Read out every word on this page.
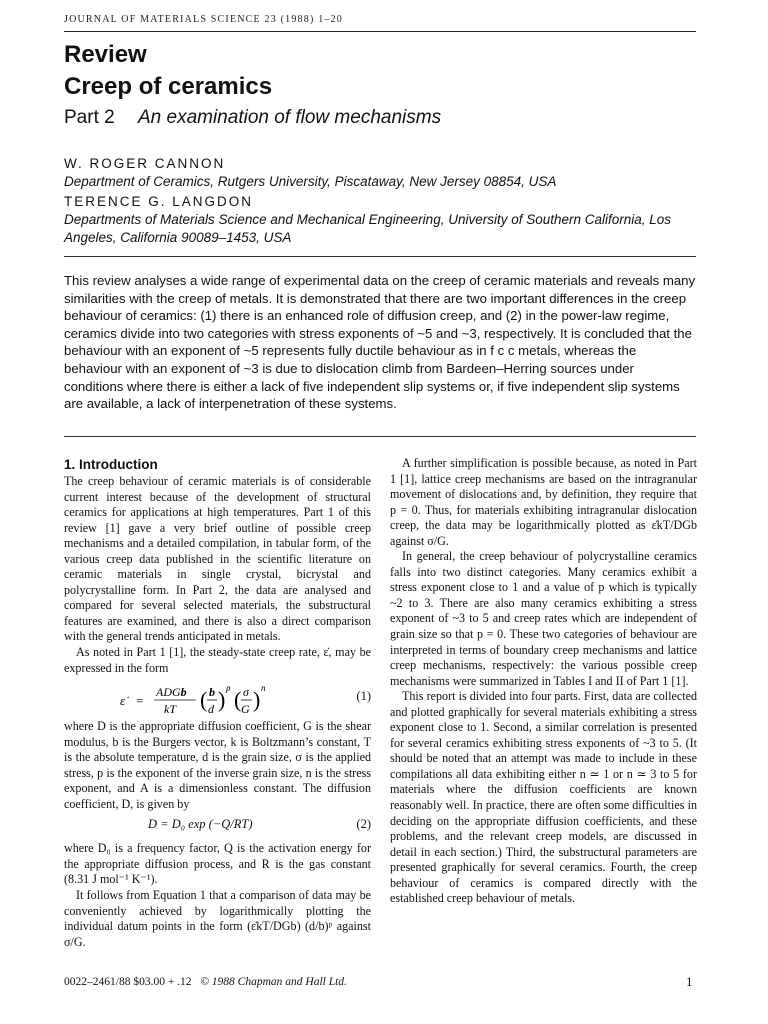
JOURNAL OF MATERIALS SCIENCE 23 (1988) 1–20
Review
Creep of ceramics
Part 2 An examination of flow mechanisms
W. ROGER CANNON
Department of Ceramics, Rutgers University, Piscataway, New Jersey 08854, USA
TERENCE G. LANGDON
Departments of Materials Science and Mechanical Engineering, University of Southern California, Los Angeles, California 90089–1453, USA
This review analyses a wide range of experimental data on the creep of ceramic materials and reveals many similarities with the creep of metals. It is demonstrated that there are two important differences in the creep behaviour of ceramics: (1) there is an enhanced role of diffusion creep, and (2) in the power-law regime, ceramics divide into two categories with stress exponents of ~5 and ~3, respectively. It is concluded that the behaviour with an exponent of ~5 represents fully ductile behaviour as in f c c metals, whereas the behaviour with an exponent of ~3 is due to dislocation climb from Bardeen–Herring sources under conditions where there is either a lack of five independent slip systems or, if five independent slip systems are available, a lack of interpenetration of these systems.
1. Introduction

The creep behaviour of ceramic materials is of considerable current interest because of the development of structural ceramics for applications at high temperatures. Part 1 of this review [1] gave a very brief outline of possible creep mechanisms and a detailed compilation, in tabular form, of the various creep data published in the scientific literature on ceramic materials in single crystal, bicrystal and polycrystalline form. In Part 2, the data are analysed and compared for several selected materials, the substructural features are examined, and there is also a direct comparison with the general trends anticipated in metals.

As noted in Part 1 [1], the steady-state creep rate, ε̇, may be expressed in the form

ε̇ =
ADGb
kT ( b
d ) p ( σ
G ) n
(1)

where D is the appropriate diffusion coefficient, G is the shear modulus, b is the Burgers vector, k is Boltzmann’s constant, T is the absolute temperature, d is the grain size, σ is the applied stress, p is the exponent of the inverse grain size, n is the stress exponent, and A is a dimensionless constant. The diffusion coefficient, D, is given by

D = D₀ exp (−Q/RT)	(2)

where D₀ is a frequency factor, Q is the activation energy for the appropriate diffusion process, and R is the gas constant (8.31 J mol⁻¹ K⁻¹).

It follows from Equation 1 that a comparison of data may be conveniently achieved by logarithmically plotting the individual datum points in the form (ε̇kT/DGb) (d/b)ᵖ against σ/G.

A further simplification is possible because, as noted in Part 1 [1], lattice creep mechanisms are based on the intragranular movement of dislocations and, by definition, they require that p = 0. Thus, for materials exhibiting intragranular dislocation creep, the data may be logarithmically plotted as ε̇kT/DGb against σ/G.

In general, the creep behaviour of polycrystalline ceramics falls into two distinct categories. Many ceramics exhibit a stress exponent close to 1 and a value of p which is typically ~2 to 3. There are also many ceramics exhibiting a stress exponent of ~3 to 5 and creep rates which are independent of grain size so that p = 0. These two categories of behaviour are interpreted in terms of boundary creep mechanisms and lattice creep mechanisms, respectively: the various possible creep mechanisms were summarized in Tables I and II of Part 1 [1].

This report is divided into four parts. First, data are collected and plotted graphically for several materials exhibiting a stress exponent close to 1. Second, a similar correlation is presented for several ceramics exhibiting stress exponents of ~3 to 5. (It should be noted that an attempt was made to include in these compilations all data exhibiting either n ≃ 1 or n ≃ 3 to 5 for materials where the diffusion coefficients are known reasonably well. In practice, there are often some difficulties in deciding on the appropriate diffusion coefficients, and these problems, and the relevant creep models, are discussed in detail in each section.) Third, the substructural parameters are presented graphically for several ceramics. Fourth, the creep behaviour of ceramics is compared directly with the established creep behaviour of metals.

0022–2461/88 $03.00 + .12 © 1988 Chapman and Hall Ltd.	1
